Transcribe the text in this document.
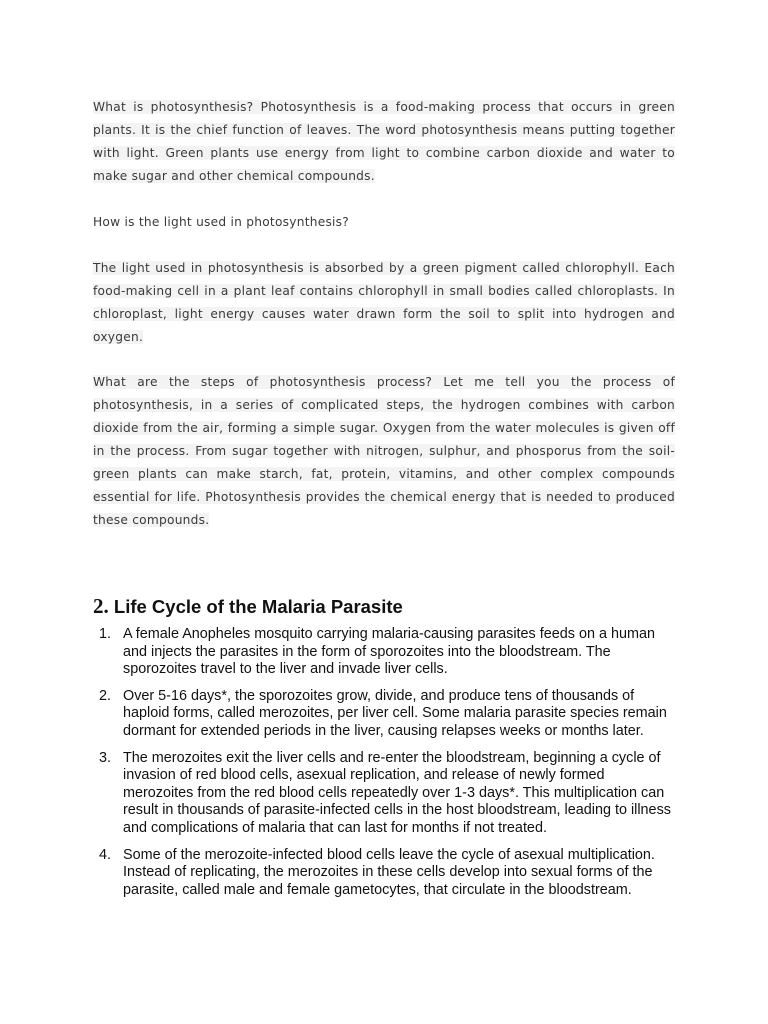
What is photosynthesis? Photosynthesis is a food-making process that occurs in green plants. It is the chief function of leaves. The word photosynthesis means putting together with light. Green plants use energy from light to combine carbon dioxide and water to make sugar and other chemical compounds.

How is the light used in photosynthesis?

The light used in photosynthesis is absorbed by a green pigment called chlorophyll. Each food-making cell in a plant leaf contains chlorophyll in small bodies called chloroplasts. In chloroplast, light energy causes water drawn form the soil to split into hydrogen and oxygen.

What are the steps of photosynthesis process? Let me tell you the process of photosynthesis, in a series of complicated steps, the hydrogen combines with carbon dioxide from the air, forming a simple sugar. Oxygen from the water molecules is given off in the process. From sugar together with nitrogen, sulphur, and phosporus from the soil-green plants can make starch, fat, protein, vitamins, and other complex compounds essential for life. Photosynthesis provides the chemical energy that is needed to produced these compounds.

2. Life Cycle of the Malaria Parasite
1. A female Anopheles mosquito carrying malaria-causing parasites feeds on a human and injects the parasites in the form of sporozoites into the bloodstream. The sporozoites travel to the liver and invade liver cells.
2. Over 5-16 days*, the sporozoites grow, divide, and produce tens of thousands of haploid forms, called merozoites, per liver cell. Some malaria parasite species remain dormant for extended periods in the liver, causing relapses weeks or months later.
3. The merozoites exit the liver cells and re-enter the bloodstream, beginning a cycle of invasion of red blood cells, asexual replication, and release of newly formed merozoites from the red blood cells repeatedly over 1-3 days*. This multiplication can result in thousands of parasite-infected cells in the host bloodstream, leading to illness and complications of malaria that can last for months if not treated.
4. Some of the merozoite-infected blood cells leave the cycle of asexual multiplication. Instead of replicating, the merozoites in these cells develop into sexual forms of the parasite, called male and female gametocytes, that circulate in the bloodstream.
